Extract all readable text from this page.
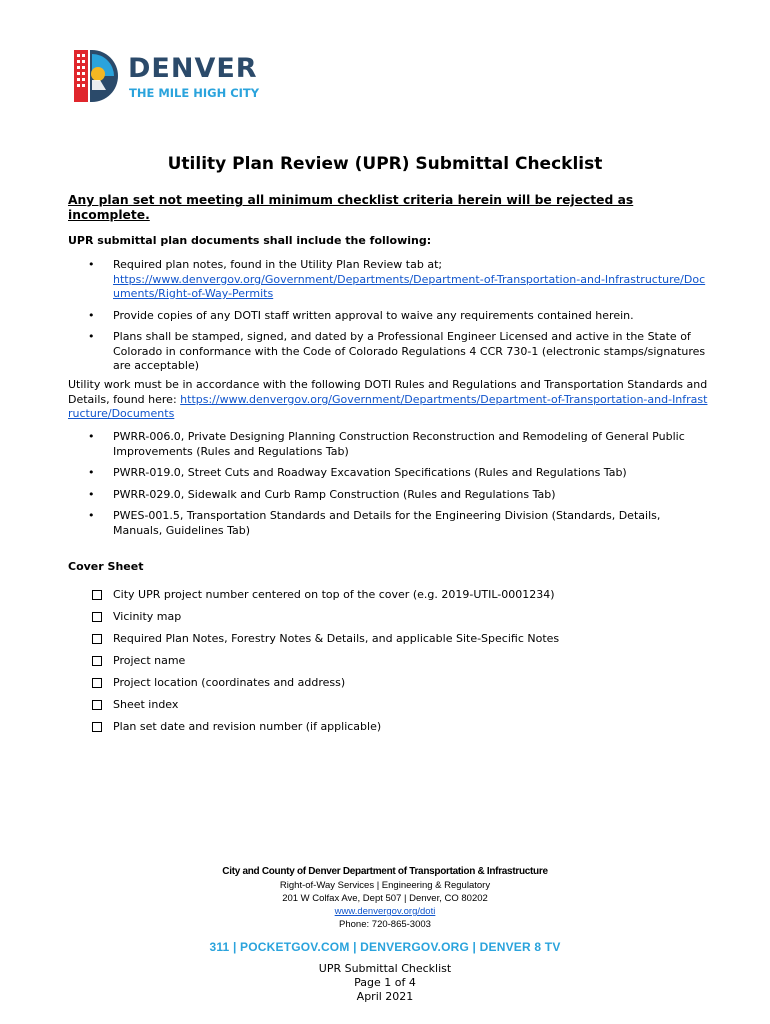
DENVER
THE MILE HIGH CITY
Utility Plan Review (UPR) Submittal Checklist
Any plan set not meeting all minimum checklist criteria herein will be rejected as incomplete.
UPR submittal plan documents shall include the following:
• Required plan notes, found in the Utility Plan Review tab at;
https://www.denvergov.org/Government/Departments/Department-of-Transportation-and-Infrastructure/Documents/Right-of-Way-Permits
• Provide copies of any DOTI staff written approval to waive any requirements contained herein.
• Plans shall be stamped, signed, and dated by a Professional Engineer Licensed and active in the State of Colorado in conformance with the Code of Colorado Regulations 4 CCR 730-1 (electronic stamps/signatures are acceptable)
Utility work must be in accordance with the following DOTI Rules and Regulations and Transportation Standards and Details, found here: https://www.denvergov.org/Government/Departments/Department-of-Transportation-and-Infrastructure/Documents
• PWRR-006.0, Private Designing Planning Construction Reconstruction and Remodeling of General Public Improvements (Rules and Regulations Tab)
• PWRR-019.0, Street Cuts and Roadway Excavation Specifications (Rules and Regulations Tab)
• PWRR-029.0, Sidewalk and Curb Ramp Construction (Rules and Regulations Tab)
• PWES-001.5, Transportation Standards and Details for the Engineering Division (Standards, Details, Manuals, Guidelines Tab)
Cover Sheet
City UPR project number centered on top of the cover (e.g. 2019-UTIL-0001234)
Vicinity map
Required Plan Notes, Forestry Notes & Details, and applicable Site-Specific Notes
Project name
Project location (coordinates and address)
Sheet index
Plan set date and revision number (if applicable)
City and County of Denver Department of Transportation & Infrastructure
Right-of-Way Services | Engineering & Regulatory
201 W Colfax Ave, Dept 507 | Denver, CO 80202
www.denvergov.org/doti
Phone: 720-865-3003
311 | POCKETGOV.COM | DENVERGOV.ORG | DENVER 8 TV
UPR Submittal Checklist
Page 1 of 4
April 2021
